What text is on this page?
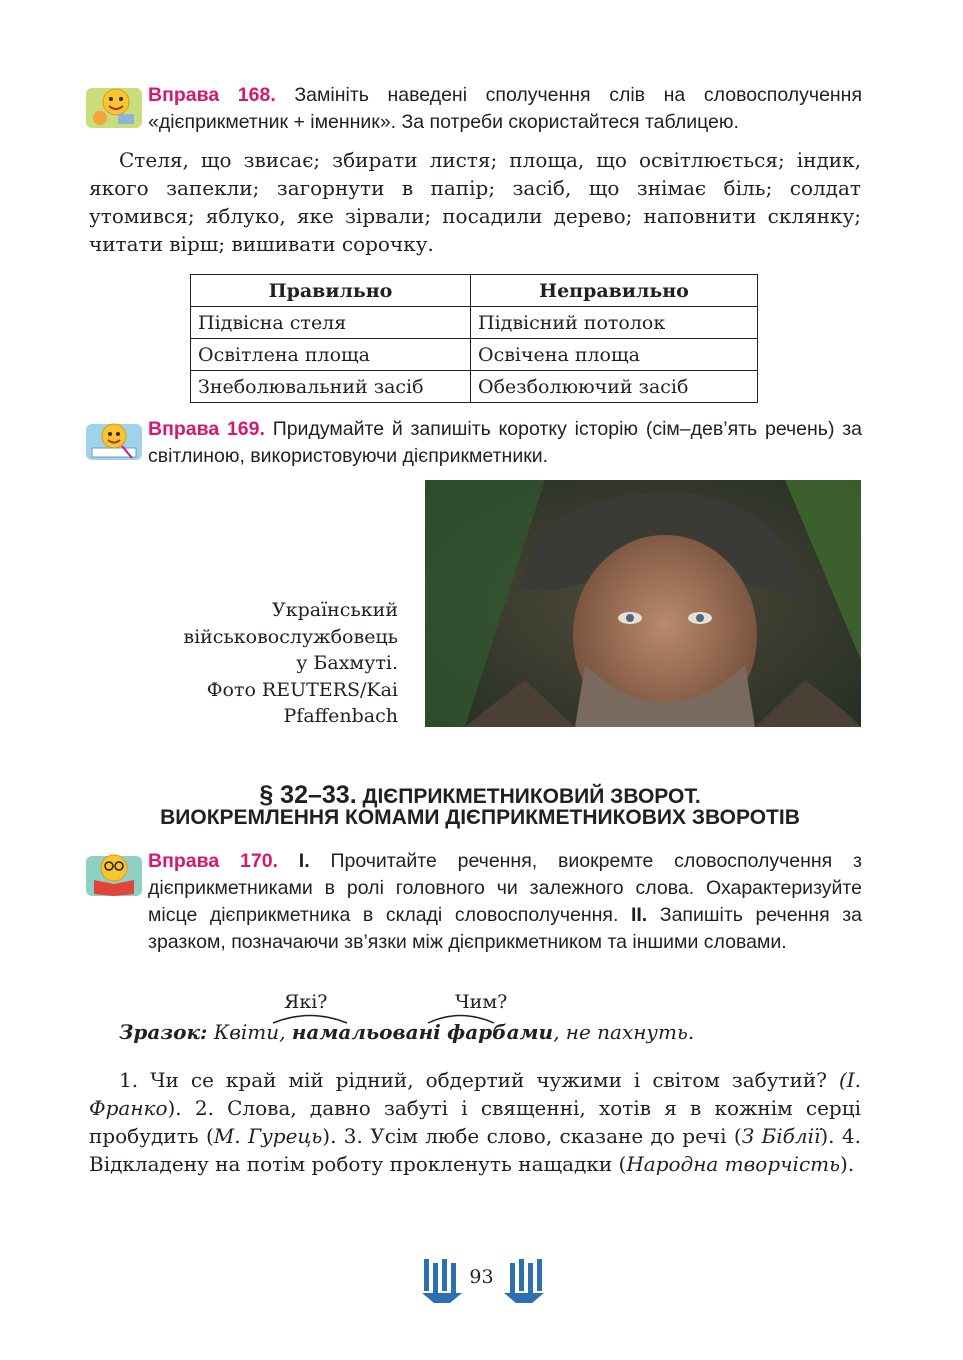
Вправа 168. Замініть наведені сполучення слів на словосполучення «дієприкметник + іменник». За потреби скористайтеся таблицею.
Стеля, що звисає; збирати листя; площа, що освітлюється; індик, якого запекли; загорнути в папір; засіб, що знімає біль; солдат утомився; яблуко, яке зірвали; посадили дерево; наповнити склянку; читати вірш; вишивати сорочку.
Правильно	Неправильно
Підвісна стеля	Підвісний потолок
Освітлена площа	Освічена площа
Знеболювальний засіб	Обезболюючий засіб
Вправа 169. Придумайте й запишіть коротку історію (сім–дев’ять речень) за світлиною, використовуючи дієприкметники.
Український
військовослужбовець
у Бахмуті.
Фото REUTERS/Kai
Pfaffenbach
§ 32–33. ДІЄПРИКМЕТНИКОВИЙ ЗВОРОТ.
ВИОКРЕМЛЕННЯ КОМАМИ ДІЄПРИКМЕТНИКОВИХ ЗВОРОТІВ
Вправа 170. I. Прочитайте речення, виокремте словосполучення з дієприкметниками в ролі головного чи залежного слова. Охарактеризуйте місце дієприкметника в складі словосполучення. II. Запишіть речення за зразком, позначаючи зв’язки між дієприкметником та іншими словами.
Які?	Чим?
Зразок: Квіти, намальовані фарбами, не пахнуть.
1. Чи се край мій рідний, обдертий чужими і світом забутий? (І. Франко). 2. Слова, давно забуті і священні, хотів я в кожнім серці пробудить (М. Гурець). 3. Усім любе слово, сказане до речі (З Біблії). 4. Відкладену на потім роботу прокленуть нащадки (Народна творчість).
93
